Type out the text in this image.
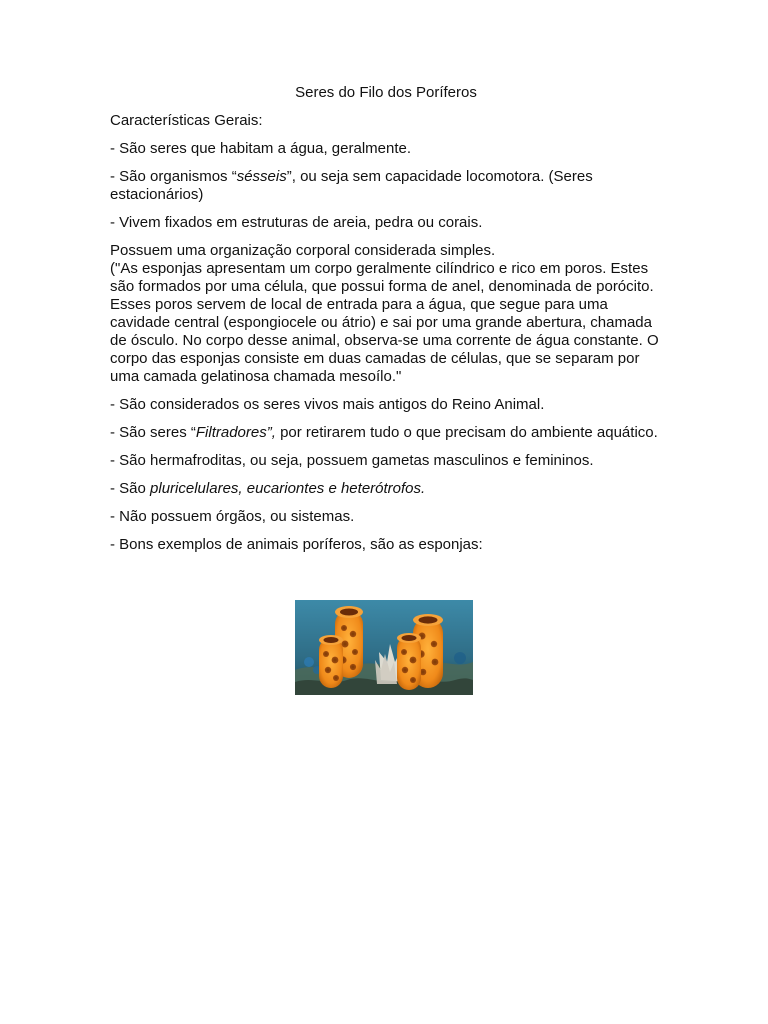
Seres do Filo dos Poríferos

Características Gerais:

- São seres que habitam a água, geralmente.

- São organismos “sésseis”, ou seja sem capacidade locomotora. (Seres estacionários)

- Vivem fixados em estruturas de areia, pedra ou corais.

Possuem uma organização corporal considerada simples.

("As esponjas apresentam um corpo geralmente cilíndrico e rico em poros. Estes são formados por uma célula, que possui forma de anel, denominada de porócito. Esses poros servem de local de entrada para a água, que segue para uma cavidade central (espongiocele ou átrio) e sai por uma grande abertura, chamada de ósculo. No corpo desse animal, observa-se uma corrente de água constante. O corpo das esponjas consiste em duas camadas de células, que se separam por uma camada gelatinosa chamada mesoílo."

- São considerados os seres vivos mais antigos do Reino Animal.

- São seres “Filtradores”, por retirarem tudo o que precisam do ambiente aquático.

- São hermafroditas, ou seja, possuem gametas masculinos e femininos.

- São pluricelulares, eucariontes e heterótrofos.

- Não possuem órgãos, ou sistemas.

- Bons exemplos de animais poríferos, são as esponjas:
